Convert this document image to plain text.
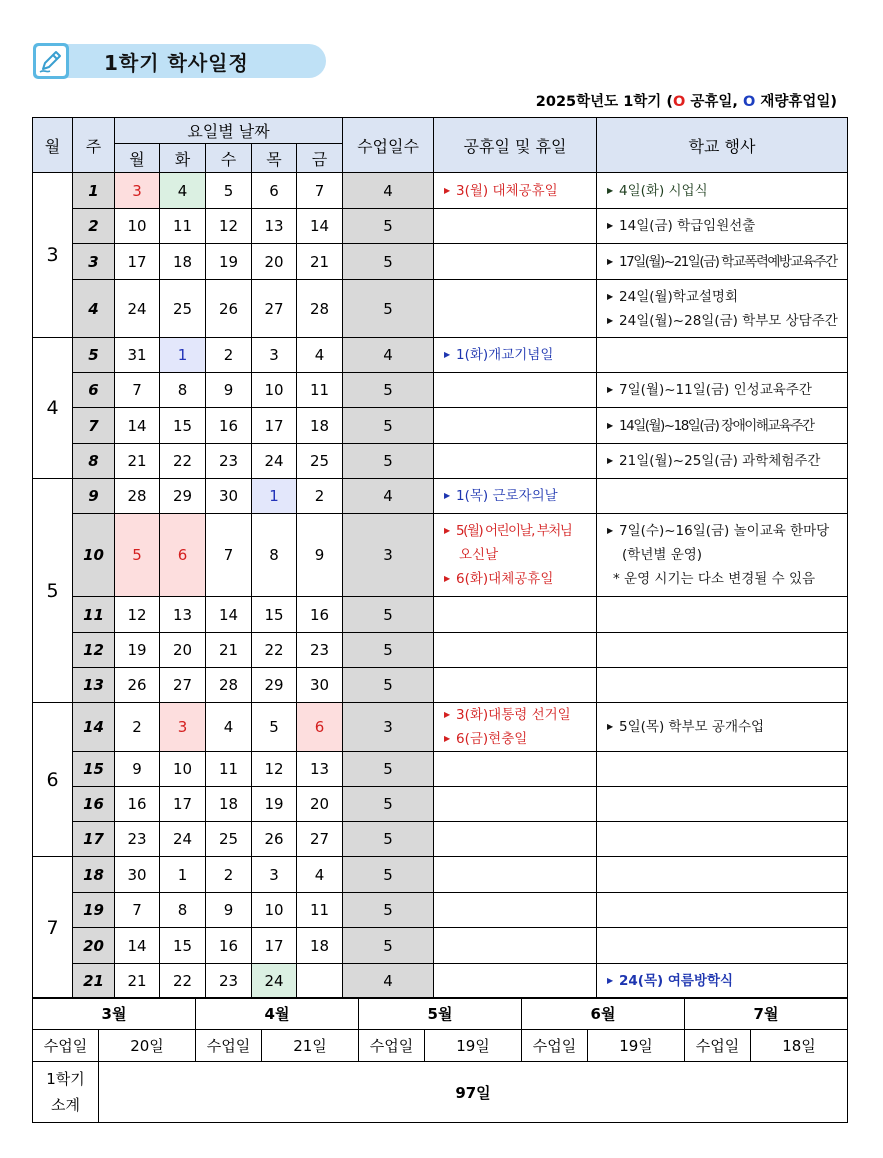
1학기 학사일정
2025학년도 1학기 (O 공휴일, O 재량휴업일)
월	주	요일별 날짜					수업일수	공휴일 및 휴일	학교 행사
		월	화	수	목	금			
3	1	3	4	5	6	7	4	▶ 3(월) 대체공휴일	▶ 4일(화) 시업식

	2	10	11	12	13	14	5		▶ 14일(금) 학급임원선출

	3	17	18	19	20	21	5		▶ 17일(월)~21일(금) 학교폭력예방교육주간

	4	24	25	26	27	28	5		▶ 24일(월)학교설명회
▶ 24일(월)~28일(금) 학부모 상담주간

4	5	31	1	2	3	4	4	▶ 1(화)개교기념일	

	6	7	8	9	10	11	5		▶ 7일(월)~11일(금) 인성교육주간

	7	14	15	16	17	18	5		▶ 14일(월)~18일(금) 장애이해교육주간

	8	21	22	23	24	25	5		▶ 21일(월)~25일(금) 과학체험주간

5	9	28	29	30	1	2	4	▶ 1(목) 근로자의날	

	10	5	6	7	8	9	3	▶ 5(월) 어린이날, 부처님
오신날
▶ 6(화)대체공휴일	▶ 7일(수)~16일(금) 놀이교육 한마당
(학년별 운영)
* 운영 시기는 다소 변경될 수 있음

	11	12	13	14	15	16	5		
	12	19	20	21	22	23	5		
	13	26	27	28	29	30	5		
6	14	2	3	4	5	6	3	▶ 3(화)대통령 선거일
▶ 6(금)현충일	▶ 5일(목) 학부모 공개수업

	15	9	10	11	12	13	5		
	16	16	17	18	19	20	5		
	17	23	24	25	26	27	5		
7	18	30	1	2	3	4	5		
	19	7	8	9	10	11	5		
	20	14	15	16	17	18	5		
	21	21	22	23	24		4		▶ 24(목) 여름방학식
3월		4월		5월		6월		7월	
수업일	20일	수업일	21일	수업일	19일	수업일	19일	수업일	18일
1학기
소계	97일								
